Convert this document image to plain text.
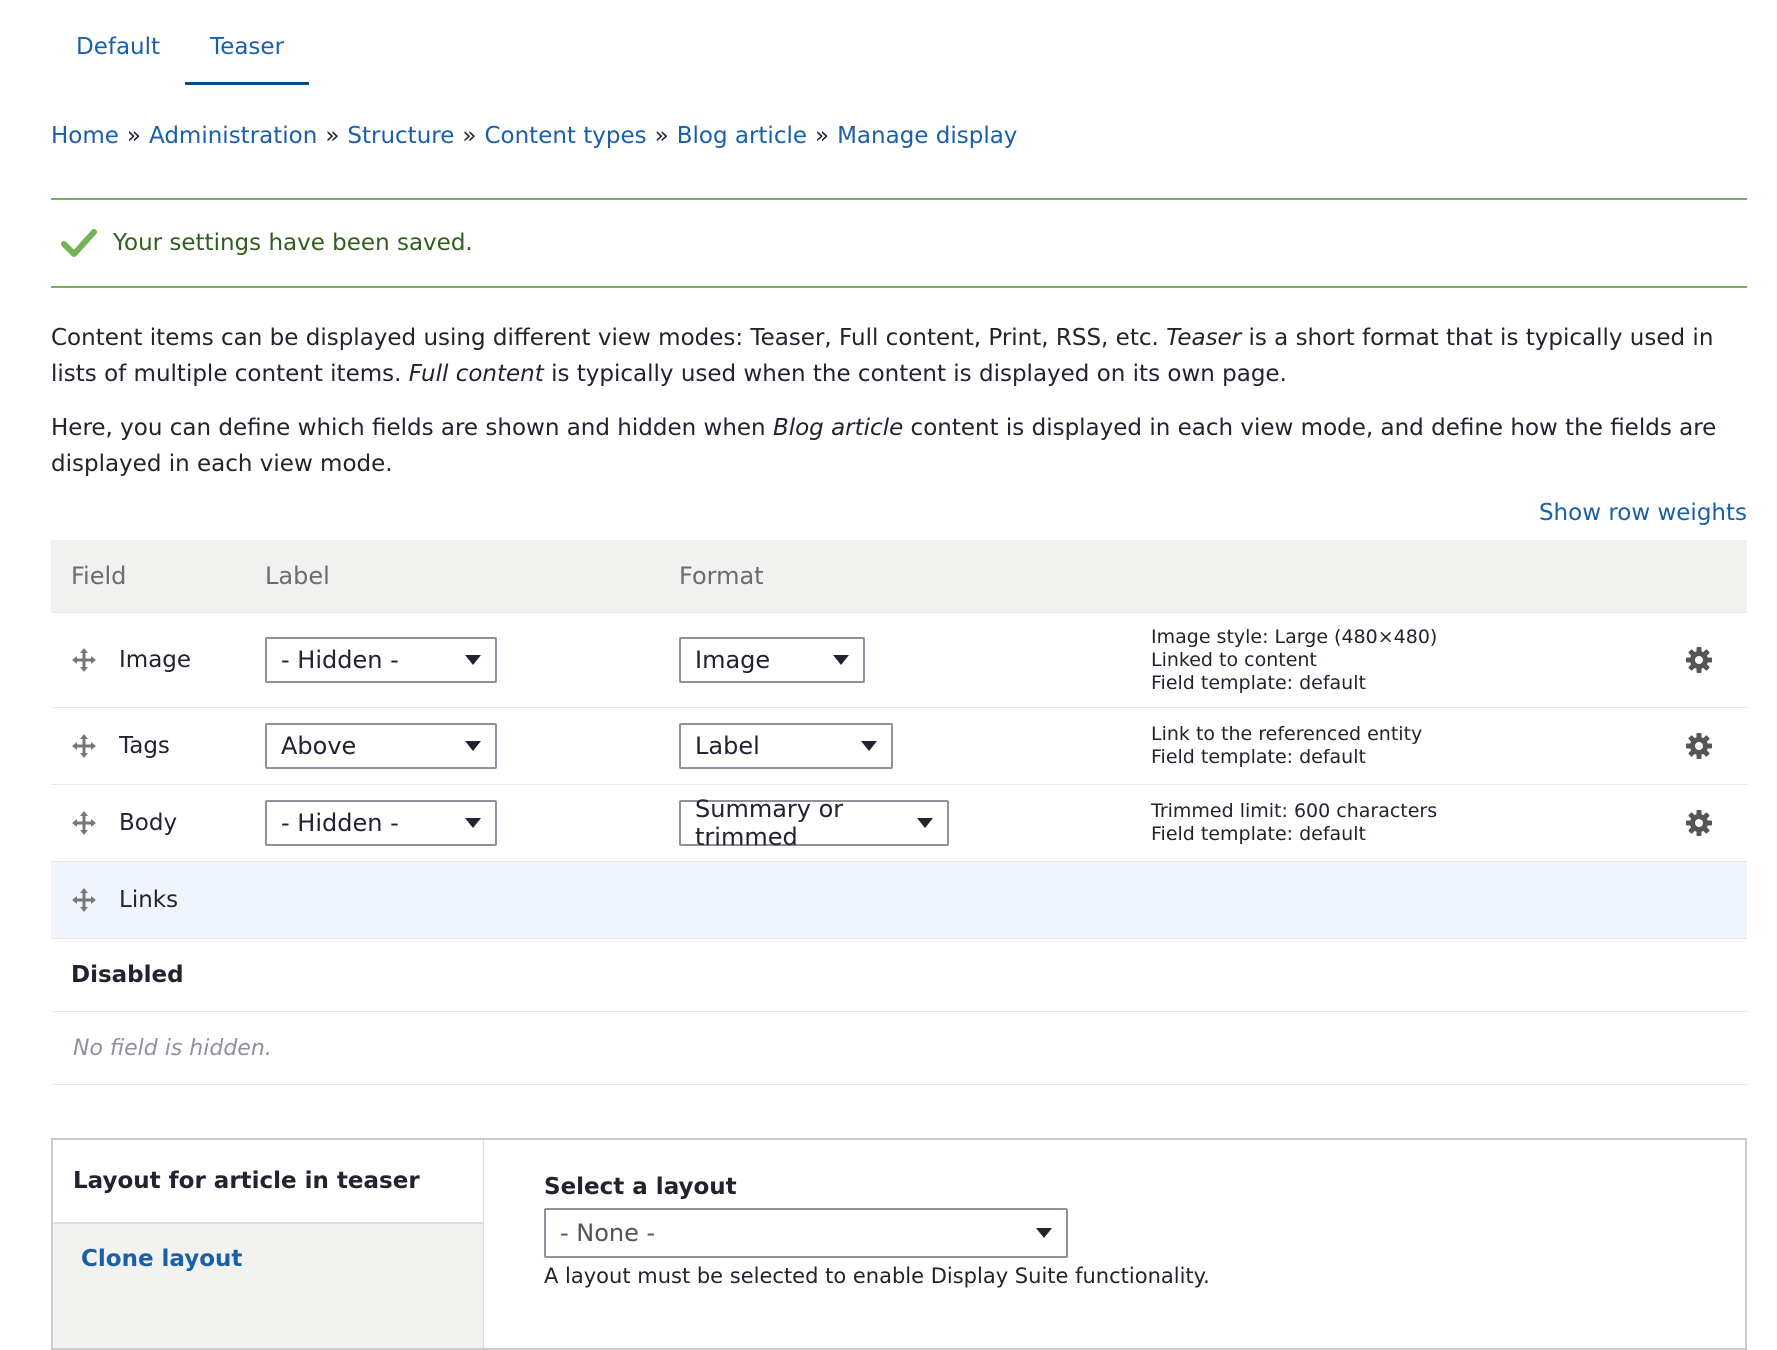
Default	Teaser
Home » Administration » Structure » Content types » Blog article » Manage display
Your settings have been saved.

Content items can be displayed using different view modes: Teaser, Full content, Print, RSS, etc. Teaser is a short format that is typically used in lists of multiple content items. Full content is typically used when the content is displayed on its own page.

Here, you can define which fields are shown and hidden when Blog article content is displayed in each view mode, and define how the fields are displayed in each view mode.

Show row weights
Field	Label	Format
Image	- Hidden -	Image
Image style: Large (480×480)
Linked to content
Field template: default
Tags	Above	Label	Link to the referenced entity
Field template: default
Body	- Hidden -	Summary or trimmed
Trimmed limit: 600 characters
Field template: default
Links
Disabled
No field is hidden.
Layout for article in teaser
Clone layout
Select a layout
- None -
A layout must be selected to enable Display Suite functionality.
